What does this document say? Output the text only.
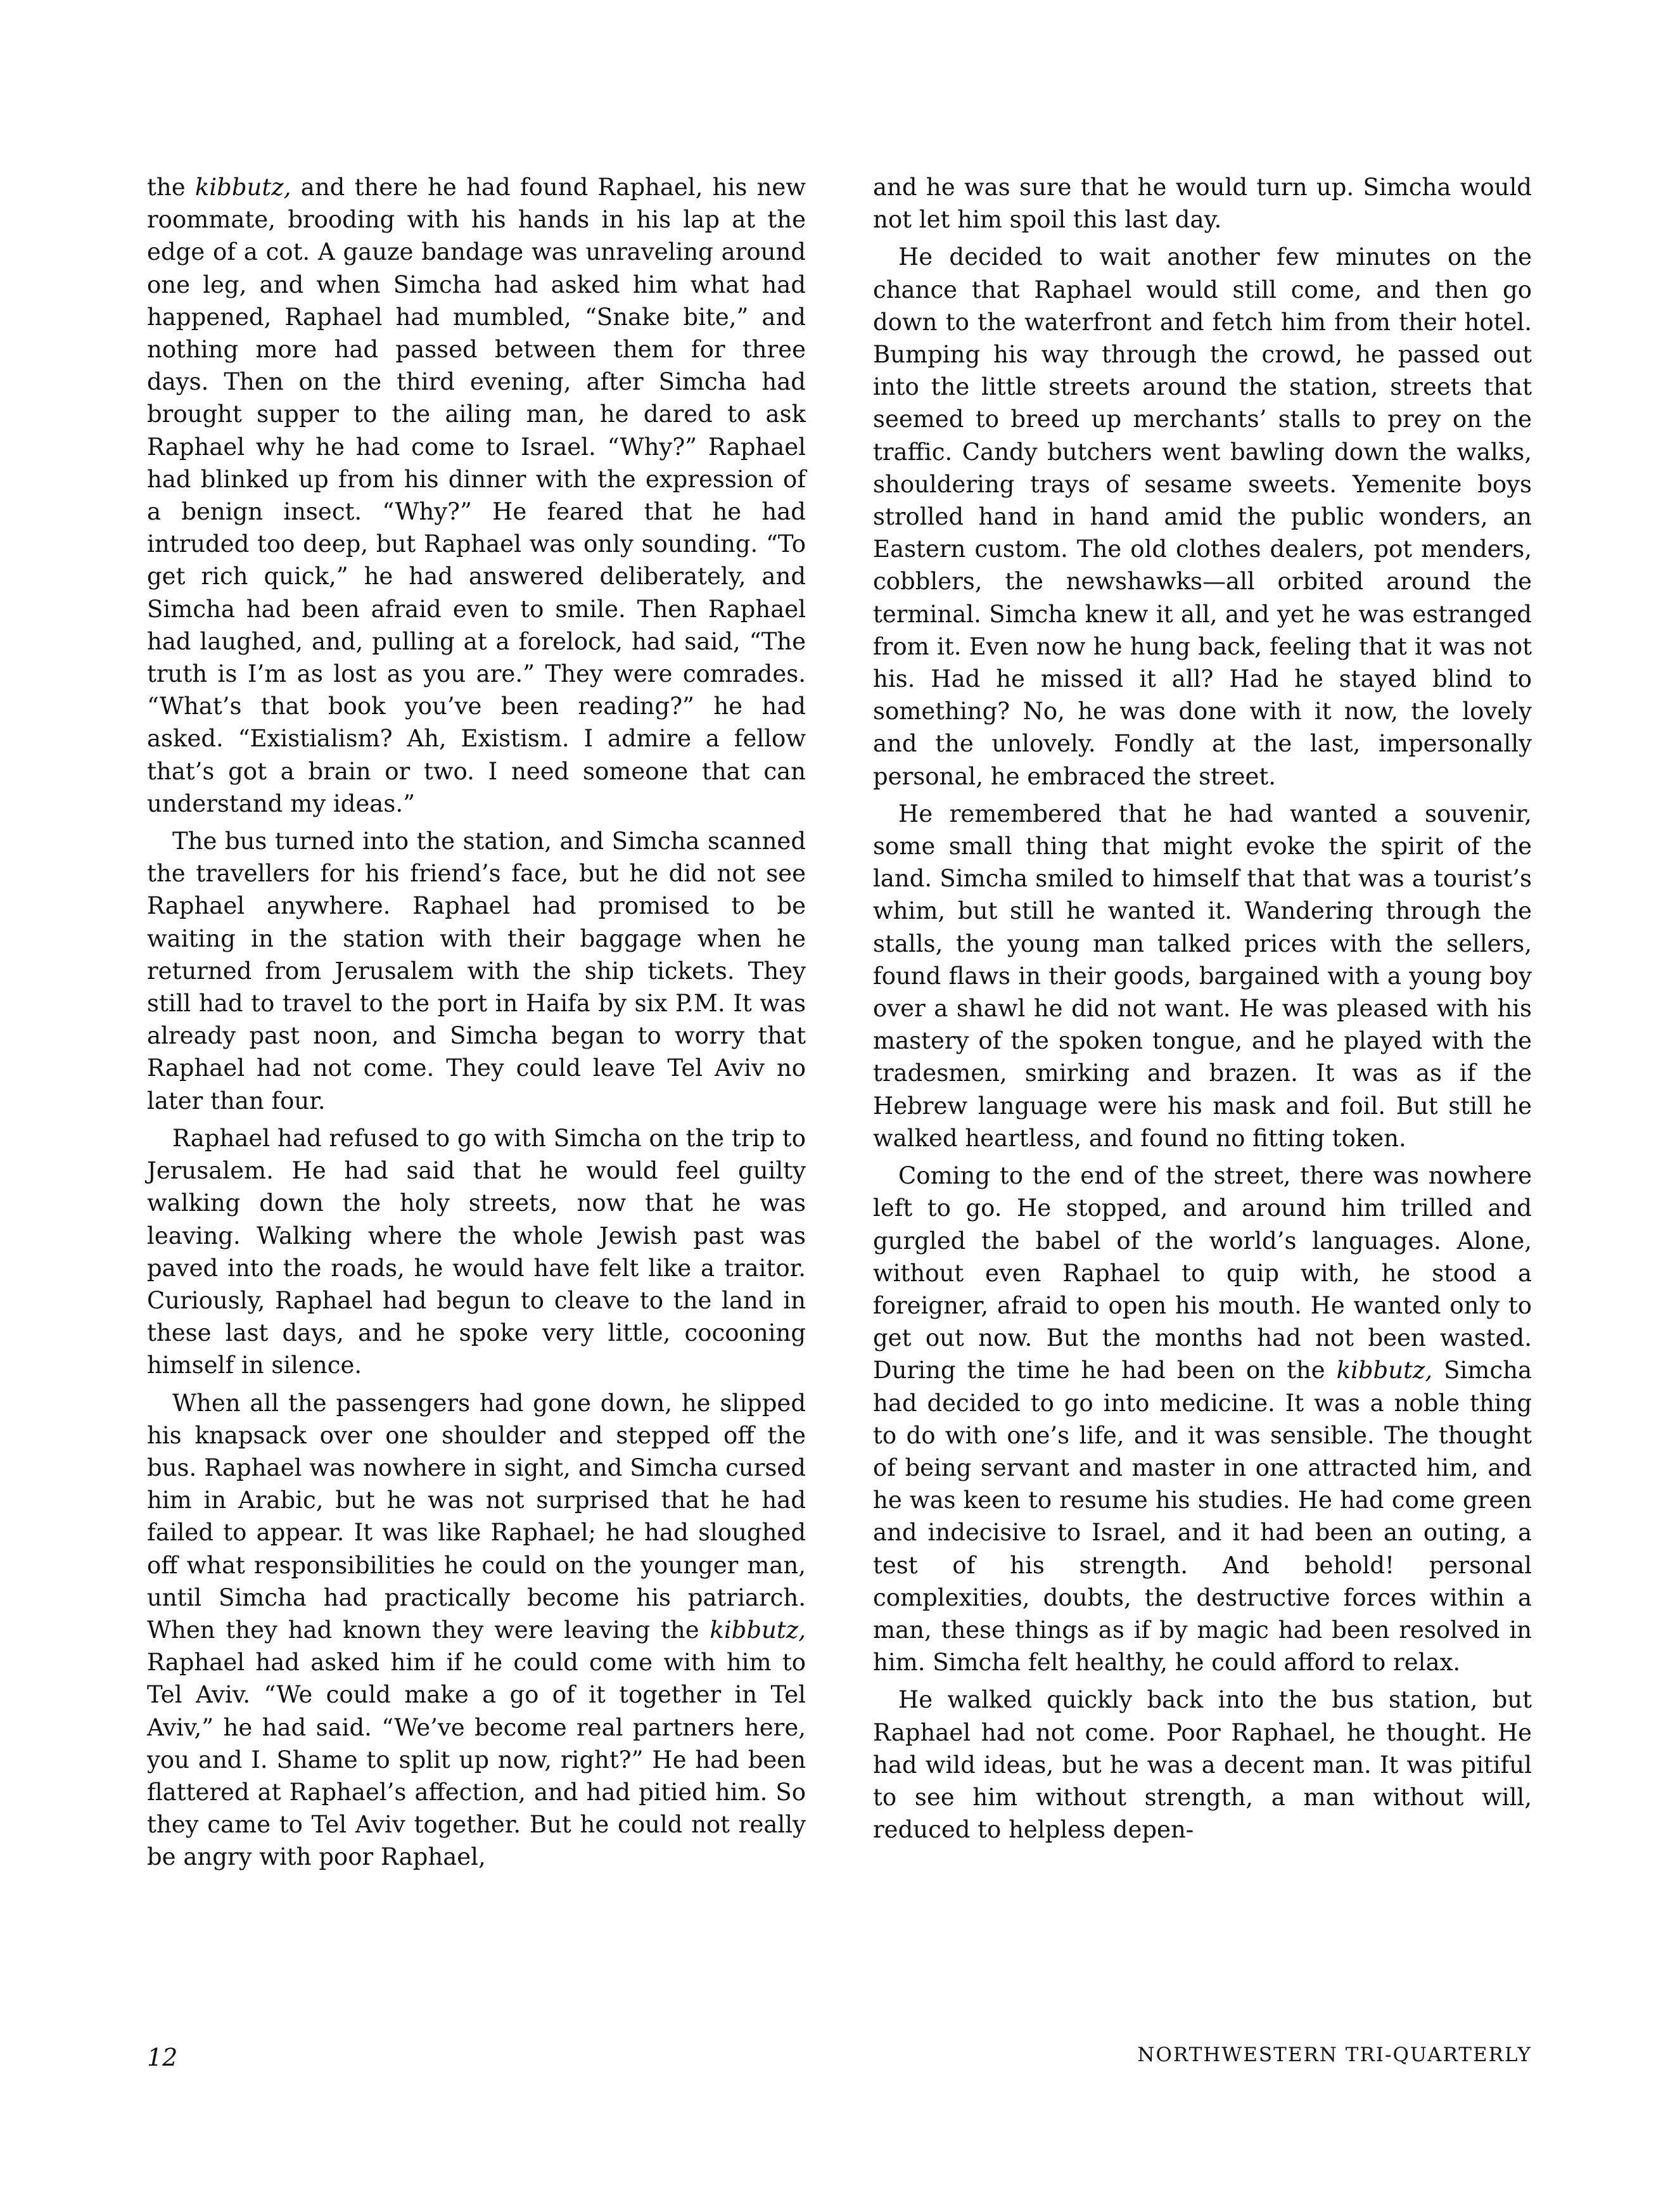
the kibbutz, and there he had found Raphael, his new roommate, brooding with his hands in his lap at the edge of a cot. A gauze bandage was unraveling around one leg, and when Simcha had asked him what had happened, Raphael had mumbled, “Snake bite,” and nothing more had passed between them for three days. Then on the third evening, after Simcha had brought supper to the ailing man, he dared to ask Raphael why he had come to Israel. “Why?” Raphael had blinked up from his dinner with the expression of a benign insect. “Why?” He feared that he had intruded too deep, but Raphael was only sounding. “To get rich quick,” he had answered deliberately, and Simcha had been afraid even to smile. Then Raphael had laughed, and, pulling at a forelock, had said, “The truth is I’m as lost as you are.” They were comrades. “What’s that book you’ve been reading?” he had asked. “Existialism? Ah, Existism. I admire a fellow that’s got a brain or two. I need someone that can understand my ideas.”

The bus turned into the station, and Simcha scanned the travellers for his friend’s face, but he did not see Raphael anywhere. Raphael had promised to be waiting in the station with their baggage when he returned from Jerusalem with the ship tickets. They still had to travel to the port in Haifa by six P.M. It was already past noon, and Simcha began to worry that Raphael had not come. They could leave Tel Aviv no later than four.

Raphael had refused to go with Simcha on the trip to Jerusalem. He had said that he would feel guilty walking down the holy streets, now that he was leaving. Walking where the whole Jewish past was paved into the roads, he would have felt like a traitor. Curiously, Raphael had begun to cleave to the land in these last days, and he spoke very little, cocooning himself in silence.

When all the passengers had gone down, he slipped his knapsack over one shoulder and stepped off the bus. Raphael was nowhere in sight, and Simcha cursed him in Arabic, but he was not surprised that he had failed to appear. It was like Raphael; he had sloughed off what responsibilities he could on the younger man, until Simcha had practically become his patriarch. When they had known they were leaving the kibbutz, Raphael had asked him if he could come with him to Tel Aviv. “We could make a go of it together in Tel Aviv,” he had said. “We’ve become real partners here, you and I. Shame to split up now, right?” He had been flattered at Raphael’s affection, and had pitied him. So they came to Tel Aviv together. But he could not really be angry with poor Raphael,

and he was sure that he would turn up. Simcha would not let him spoil this last day.

He decided to wait another few minutes on the chance that Raphael would still come, and then go down to the waterfront and fetch him from their hotel. Bumping his way through the crowd, he passed out into the little streets around the station, streets that seemed to breed up merchants’ stalls to prey on the traffic. Candy butchers went bawling down the walks, shouldering trays of sesame sweets. Yemenite boys strolled hand in hand amid the public wonders, an Eastern custom. The old clothes dealers, pot menders, cobblers, the newshawks—all orbited around the terminal. Simcha knew it all, and yet he was estranged from it. Even now he hung back, feeling that it was not his. Had he missed it all? Had he stayed blind to something? No, he was done with it now, the lovely and the unlovely. Fondly at the last, impersonally personal, he embraced the street.

He remembered that he had wanted a souvenir, some small thing that might evoke the spirit of the land. Simcha smiled to himself that that was a tourist’s whim, but still he wanted it. Wandering through the stalls, the young man talked prices with the sellers, found flaws in their goods, bargained with a young boy over a shawl he did not want. He was pleased with his mastery of the spoken tongue, and he played with the tradesmen, smirking and brazen. It was as if the Hebrew language were his mask and foil. But still he walked heartless, and found no fitting token.

Coming to the end of the street, there was nowhere left to go. He stopped, and around him trilled and gurgled the babel of the world’s languages. Alone, without even Raphael to quip with, he stood a foreigner, afraid to open his mouth. He wanted only to get out now. But the months had not been wasted. During the time he had been on the kibbutz, Simcha had decided to go into medicine. It was a noble thing to do with one’s life, and it was sensible. The thought of being servant and master in one attracted him, and he was keen to resume his studies. He had come green and indecisive to Israel, and it had been an outing, a test of his strength. And behold! personal complexities, doubts, the destructive forces within a man, these things as if by magic had been resolved in him. Simcha felt healthy, he could afford to relax.

He walked quickly back into the bus station, but Raphael had not come. Poor Raphael, he thought. He had wild ideas, but he was a decent man. It was pitiful to see him without strength, a man without will, reduced to helpless depen-

12	NORTHWESTERN TRI-QUARTERLY
